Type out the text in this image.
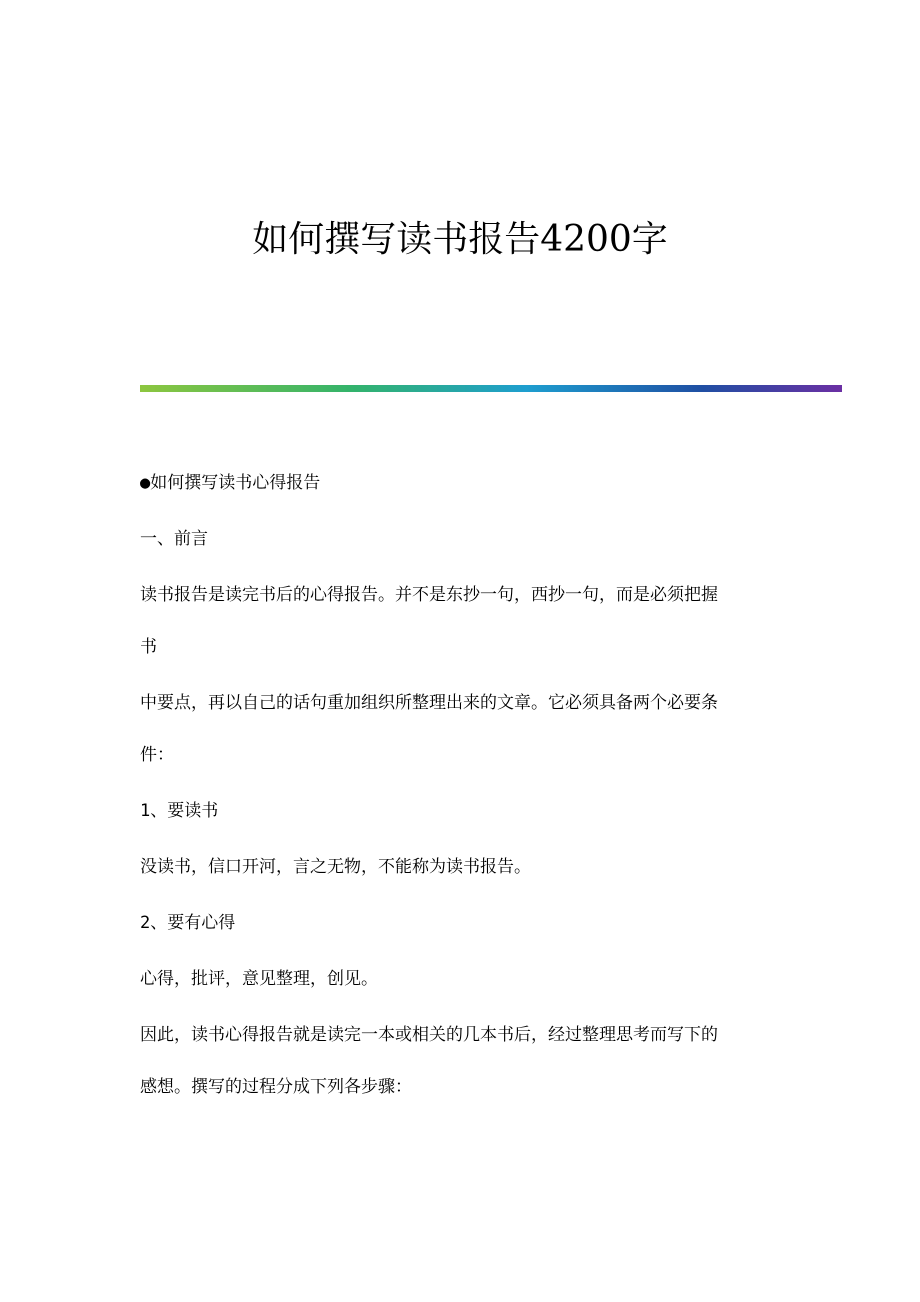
如何撰写读书报告4200字

●如何撰写读书心得报告

一、前言

读书报告是读完书后的心得报告。并不是东抄一句，西抄一句，而是必须把握

书

中要点，再以自己的话句重加组织所整理出来的文章。它必须具备两个必要条

件：

1、要读书

没读书，信口开河，言之无物，不能称为读书报告。

2、要有心得

心得，批评，意见整理，创见。

因此，读书心得报告就是读完一本或相关的几本书后，经过整理思考而写下的

感想。撰写的过程分成下列各步骤：
